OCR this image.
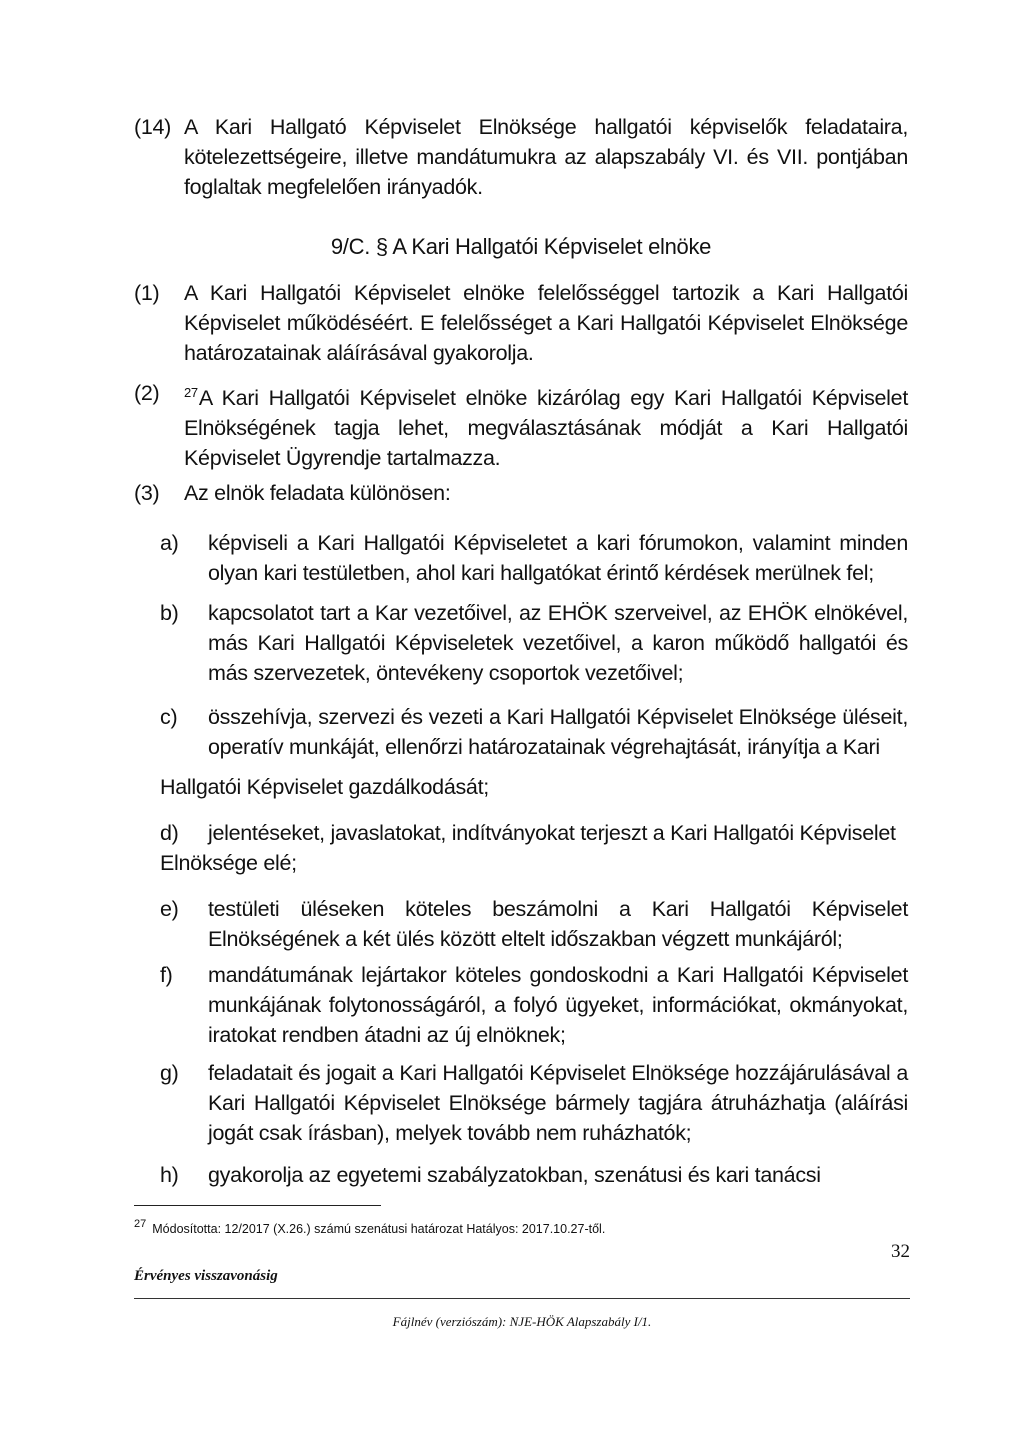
(14) A Kari Hallgató Képviselet Elnöksége hallgatói képviselők feladataira, kötelezettségeire, illetve mandátumukra az alapszabály VI. és VII. pontjában foglaltak megfelelően irányadók.
9/C. § A Kari Hallgatói Képviselet elnöke
(1) A Kari Hallgatói Képviselet elnöke felelősséggel tartozik a Kari Hallgatói Képviselet működéséért. E felelősséget a Kari Hallgatói Képviselet Elnöksége határozatainak aláírásával gyakorolja.
(2) $^{27}$A Kari Hallgatói Képviselet elnöke kizárólag egy Kari Hallgatói Képviselet Elnökségének tagja lehet, megválasztásának módját a Kari Hallgatói Képviselet Ügyrendje tartalmazza.
(3) Az elnök feladata különösen:
a) képviseli a Kari Hallgatói Képviseletet a kari fórumokon, valamint minden olyan kari testületben, ahol kari hallgatókat érintő kérdések merülnek fel;
b) kapcsolatot tart a Kar vezetőivel, az EHÖK szerveivel, az EHÖK elnökével, más Kari Hallgatói Képviseletek vezetőivel, a karon működő hallgatói és más szervezetek, öntevékeny csoportok vezetőivel;
c) összehívja, szervezi és vezeti a Kari Hallgatói Képviselet Elnöksége üléseit, operatív munkáját, ellenőrzi határozatainak végrehajtását, irányítja a Kari
Hallgatói Képviselet gazdálkodását;
d) jelentéseket, javaslatokat, indítványokat terjeszt a Kari Hallgatói Képviselet
Elnöksége elé;
e) testületi üléseken köteles beszámolni a Kari Hallgatói Képviselet Elnökségének a két ülés között eltelt időszakban végzett munkájáról;
f) mandátumának lejártakor köteles gondoskodni a Kari Hallgatói Képviselet munkájának folytonosságáról, a folyó ügyeket, információkat, okmányokat, iratokat rendben átadni az új elnöknek;
g) feladatait és jogait a Kari Hallgatói Képviselet Elnöksége hozzájárulásával a Kari Hallgatói Képviselet Elnöksége bármely tagjára átruházhatja (aláírási jogát csak írásban), melyek tovább nem ruházhatók;
h) gyakorolja az egyetemi szabályzatokban, szenátusi és kari tanácsi
$^{27}$ Módosította: 12/2017 (X.26.) számú szenátusi határozat Hatályos: 2017.10.27-től.
32
Érvényes visszavonásig
Fájlnév (verziószám): NJE-HÖK Alapszabály I/1.
